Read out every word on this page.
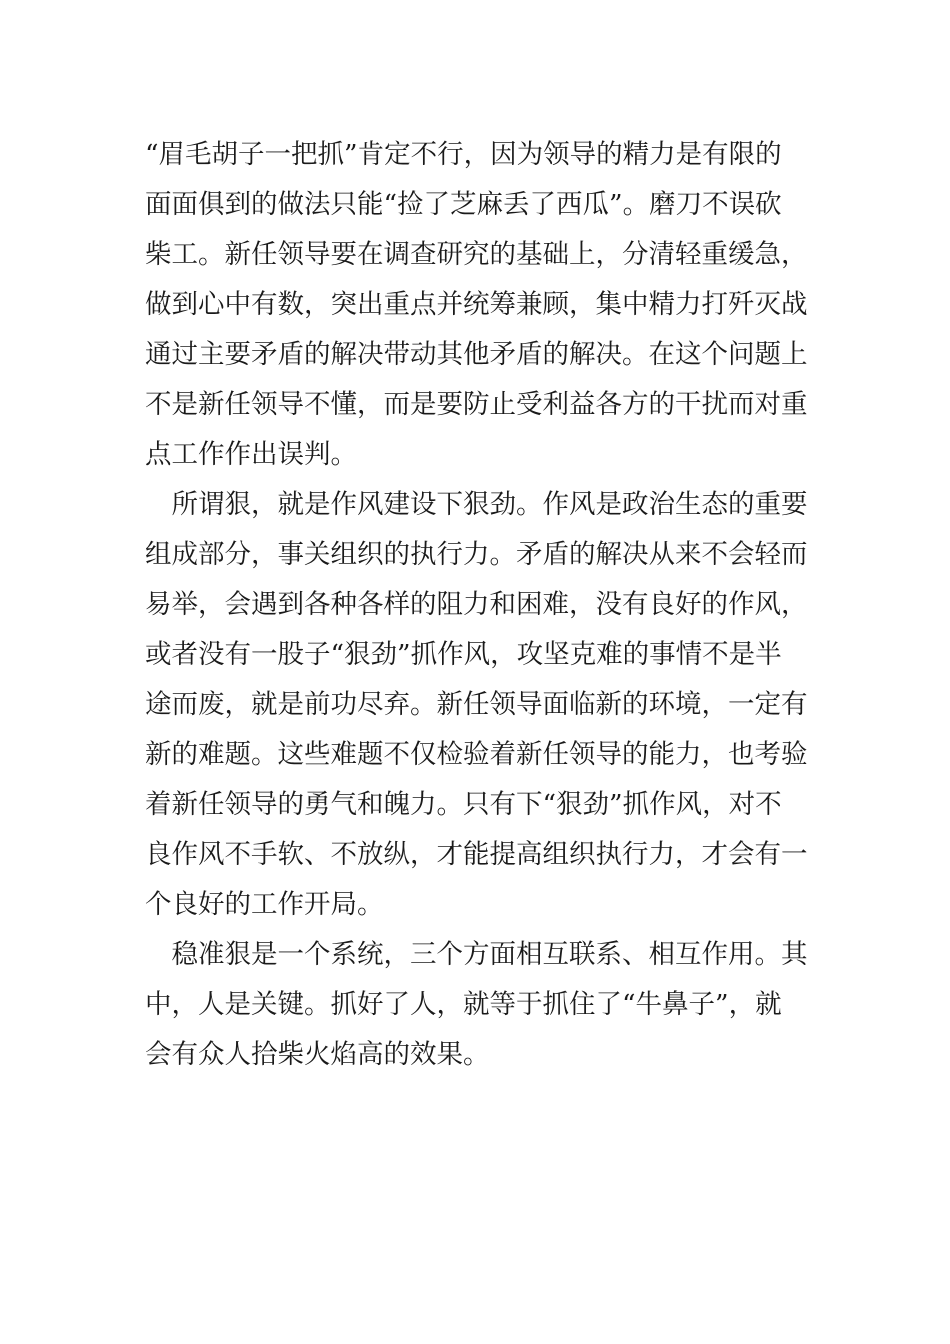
“眉毛胡子一把抓”肯定不行，因为领导的精力是有限的
面面俱到的做法只能“捡了芝麻丢了西瓜”。磨刀不误砍
柴工。新任领导要在调查研究的基础上，分清轻重缓急，
做到心中有数，突出重点并统筹兼顾，集中精力打歼灭战
通过主要矛盾的解决带动其他矛盾的解决。在这个问题上
不是新任领导不懂，而是要防止受利益各方的干扰而对重
点工作作出误判。
　所谓狠，就是作风建设下狠劲。作风是政治生态的重要
组成部分，事关组织的执行力。矛盾的解决从来不会轻而
易举，会遇到各种各样的阻力和困难，没有良好的作风，
或者没有一股子“狠劲”抓作风，攻坚克难的事情不是半
途而废，就是前功尽弃。新任领导面临新的环境，一定有
新的难题。这些难题不仅检验着新任领导的能力，也考验
着新任领导的勇气和魄力。只有下“狠劲”抓作风，对不
良作风不手软、不放纵，才能提高组织执行力，才会有一
个良好的工作开局。
　稳准狠是一个系统，三个方面相互联系、相互作用。其
中，人是关键。抓好了人，就等于抓住了“牛鼻子”，就
会有众人拾柴火焰高的效果。
